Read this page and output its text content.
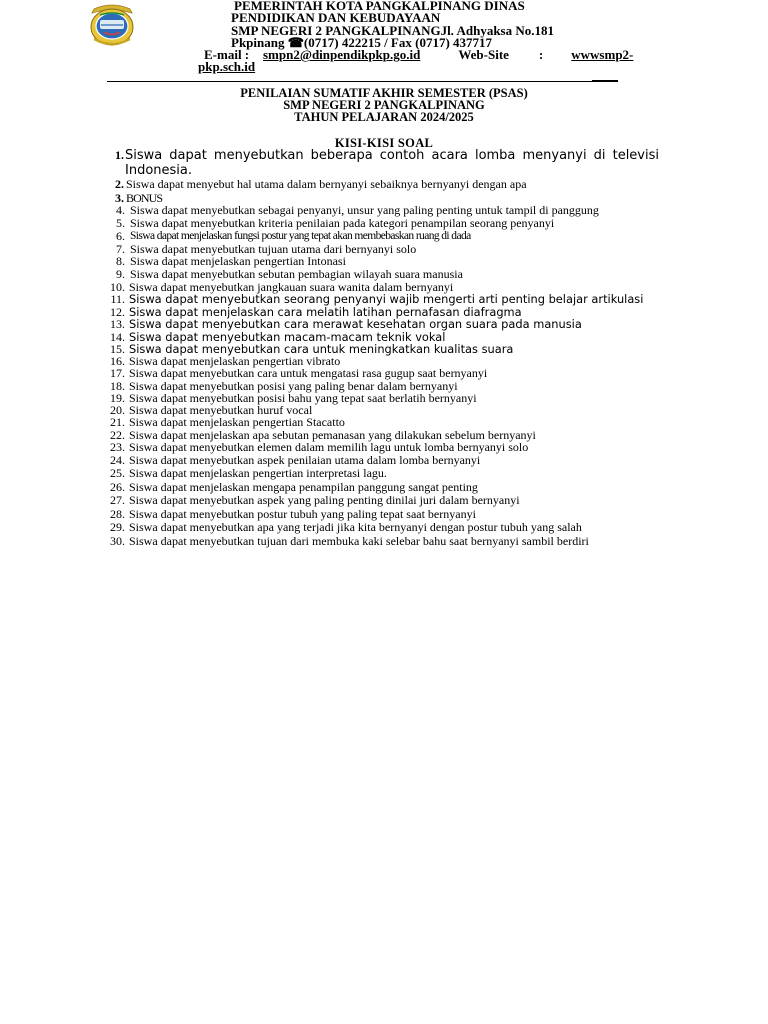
PEMERINTAH KOTA PANGKALPINANG DINAS
PENDIDIKAN DAN KEBUDAYAAN
SMP NEGERI 2 PANGKALPINANGJl. Adhyaksa No.181
Pkpinang ☎(0717) 422215 / Fax (0717) 437717
E-mail :	smpn2@dinpendikpkp.go.id	Web-Site : wwwsmp2-
pkp.sch.id
PENILAIAN SUMATIF AKHIR SEMESTER (PSAS)
SMP NEGERI 2 PANGKALPINANG
TAHUN PELAJARAN 2024/2025
KISI-KISI SOAL
1. Siswa dapat menyebutkan beberapa contoh acara lomba menyanyi di televisi Indonesia.
2. Siswa dapat menyebut hal utama dalam bernyanyi sebaiknya bernyanyi dengan apa
3. BONUS
4. Siswa dapat menyebutkan sebagai penyanyi, unsur yang paling penting untuk tampil di panggung
5. Siswa dapat menyebutkan kriteria penilaian pada kategori penampilan seorang penyanyi
6. Siswa dapat menjelaskan fungsi postur yang tepat akan membebaskan ruang di dada
7. Siswa dapat menyebutkan tujuan utama dari bernyanyi solo
8. Siswa dapat menjelaskan pengertian Intonasi
9. Siswa dapat menyebutkan sebutan pembagian wilayah suara manusia
10. Siswa dapat menyebutkan jangkauan suara wanita dalam bernyanyi
11. Siswa dapat menyebutkan seorang penyanyi wajib mengerti arti penting belajar artikulasi
12. Siswa dapat menjelaskan cara melatih latihan pernafasan diafragma
13. Siswa dapat menyebutkan cara merawat kesehatan organ suara pada manusia
14. Siswa dapat menyebutkan macam-macam teknik vokal
15. Siswa dapat menyebutkan cara untuk meningkatkan kualitas suara
16. Siswa dapat menjelaskan pengertian vibrato
17. Siswa dapat menyebutkan cara untuk mengatasi rasa gugup saat bernyanyi
18. Siswa dapat menyebutkan posisi yang paling benar dalam bernyanyi
19. Siswa dapat menyebutkan posisi bahu yang tepat saat berlatih bernyanyi
20. Siswa dapat menyebutkan huruf vocal
21. Siswa dapat menjelaskan pengertian Stacatto
22. Siswa dapat menjelaskan apa sebutan pemanasan yang dilakukan sebelum bernyanyi
23. Siswa dapat menyebutkan elemen dalam memilih lagu untuk lomba bernyanyi solo
24. Siswa dapat menyebutkan aspek penilaian utama dalam lomba bernyanyi
25. Siswa dapat menjelaskan pengertian interpretasi lagu.
26. Siswa dapat menjelaskan mengapa penampilan panggung sangat penting
27. Siswa dapat menyebutkan aspek yang paling penting dinilai juri dalam bernyanyi
28. Siswa dapat menyebutkan postur tubuh yang paling tepat saat bernyanyi
29. Siswa dapat menyebutkan apa yang terjadi jika kita bernyanyi dengan postur tubuh yang salah
30. Siswa dapat menyebutkan tujuan dari membuka kaki selebar bahu saat bernyanyi sambil berdiri
